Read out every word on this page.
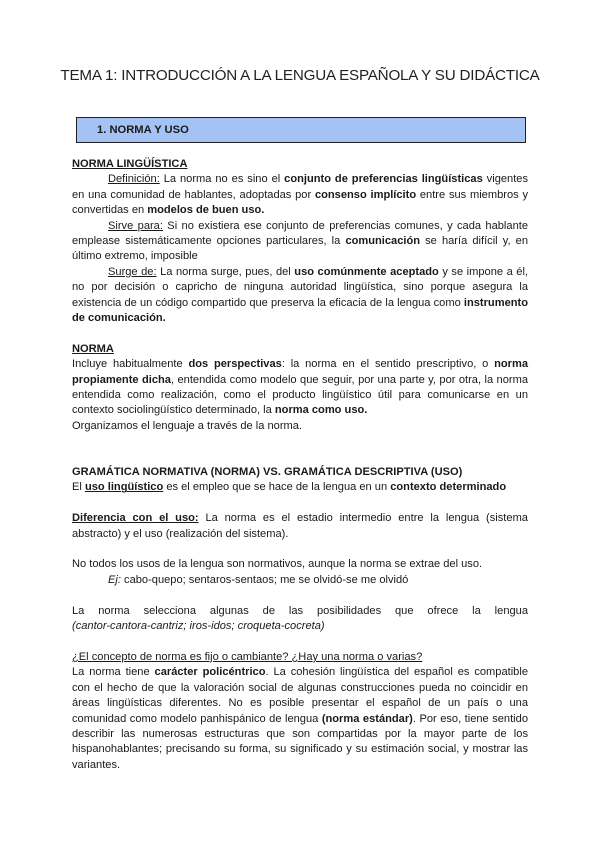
TEMA 1: INTRODUCCIÓN A LA LENGUA ESPAÑOLA Y SU DIDÁCTICA
1. NORMA Y USO

NORMA LINGÜÍSTICA

Definición: La norma no es sino el conjunto de preferencias lingüísticas vigentes en una comunidad de hablantes, adoptadas por consenso implícito entre sus miembros y convertidas en modelos de buen uso.

Sirve para: Si no existiera ese conjunto de preferencias comunes, y cada hablante emplease sistemáticamente opciones particulares, la comunicación se haría difícil y, en último extremo, imposible

Surge de: La norma surge, pues, del uso comúnmente aceptado y se impone a él, no por decisión o capricho de ninguna autoridad lingüística, sino porque asegura la existencia de un código compartido que preserva la eficacia de la lengua como instrumento de comunicación.

NORMA

Incluye habitualmente dos perspectivas: la norma en el sentido prescriptivo, o norma propiamente dicha, entendida como modelo que seguir, por una parte y, por otra, la norma entendida como realización, como el producto lingüístico útil para comunicarse en un contexto sociolingüístico determinado, la norma como uso.

Organizamos el lenguaje a través de la norma.

GRAMÁTICA NORMATIVA (NORMA) VS. GRAMÁTICA DESCRIPTIVA (USO)

El uso lingüístico es el empleo que se hace de la lengua en un contexto determinado

Diferencia con el uso: La norma es el estadio intermedio entre la lengua (sistema abstracto) y el uso (realización del sistema).

No todos los usos de la lengua son normativos, aunque la norma se extrae del uso.

Ej: cabo-quepo; sentaros-sentaos; me se olvidó-se me olvidó

La norma selecciona algunas de las posibilidades que ofrece la lengua

(cantor-cantora-cantriz; iros-idos; croqueta-cocreta)

¿El concepto de norma es fijo o cambiante? ¿Hay una norma o varias?

La norma tiene carácter policéntrico. La cohesión lingüística del español es compatible con el hecho de que la valoración social de algunas construcciones pueda no coincidir en áreas lingüísticas diferentes. No es posible presentar el español de un país o una comunidad como modelo panhispánico de lengua (norma estándar). Por eso, tiene sentido describir las numerosas estructuras que son compartidas por la mayor parte de los hispanohablantes; precisando su forma, su significado y su estimación social, y mostrar las variantes.
